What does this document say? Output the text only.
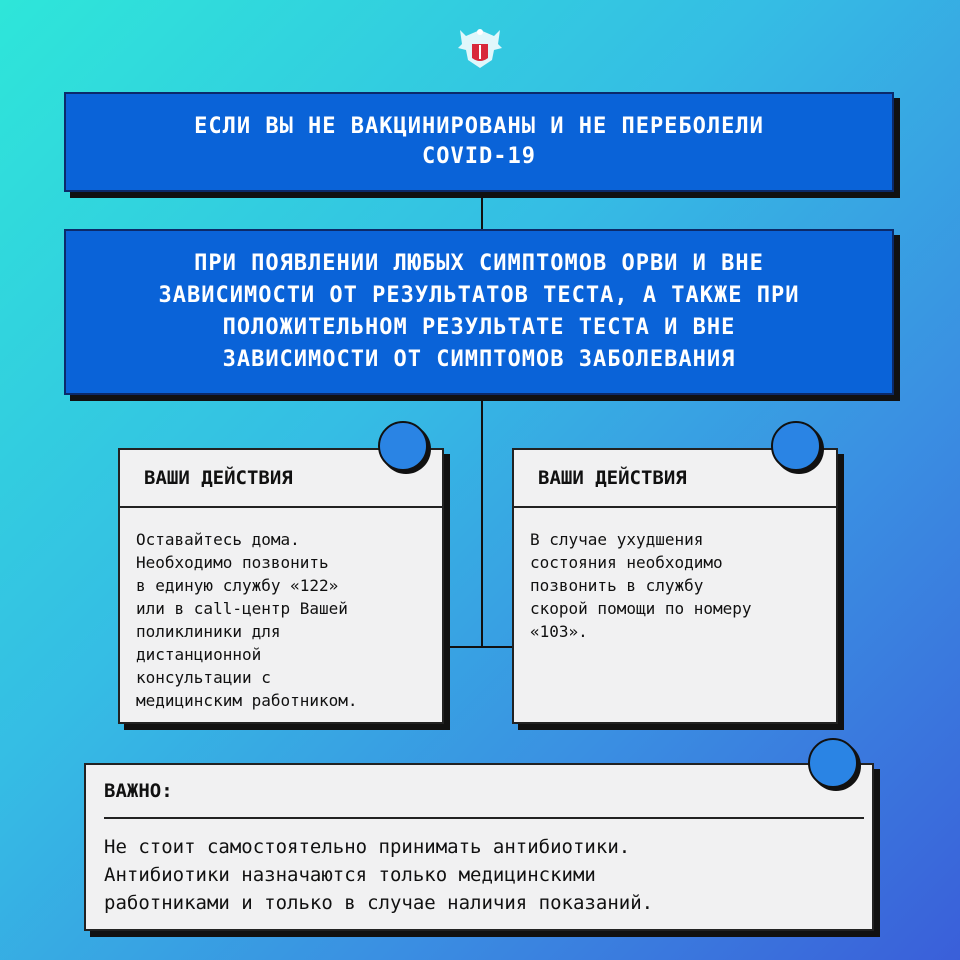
ЕСЛИ ВЫ НЕ ВАКЦИНИРОВАНЫ И НЕ ПЕРЕБОЛЕЛИ COVID-19
ПРИ ПОЯВЛЕНИИ ЛЮБЫХ СИМПТОМОВ ОРВИ И ВНЕ ЗАВИСИМОСТИ ОТ РЕЗУЛЬТАТОВ ТЕСТА, А ТАКЖЕ ПРИ ПОЛОЖИТЕЛЬНОМ РЕЗУЛЬТАТЕ ТЕСТА И ВНЕ ЗАВИСИМОСТИ ОТ СИМПТОМОВ ЗАБОЛЕВАНИЯ
ВАШИ ДЕЙСТВИЯ
Оставайтесь дома.
Необходимо позвонить
в единую службу «122»
или в call-центр Вашей
поликлиники для
дистанционной
консультации с
медицинским работником.
ВАШИ ДЕЙСТВИЯ
В случае ухудшения
состояния необходимо
позвонить в службу
скорой помощи по номеру
«103».
ВАЖНО:
Не стоит самостоятельно принимать антибиотики.
Антибиотики назначаются только медицинскими
работниками и только в случае наличия показаний.
